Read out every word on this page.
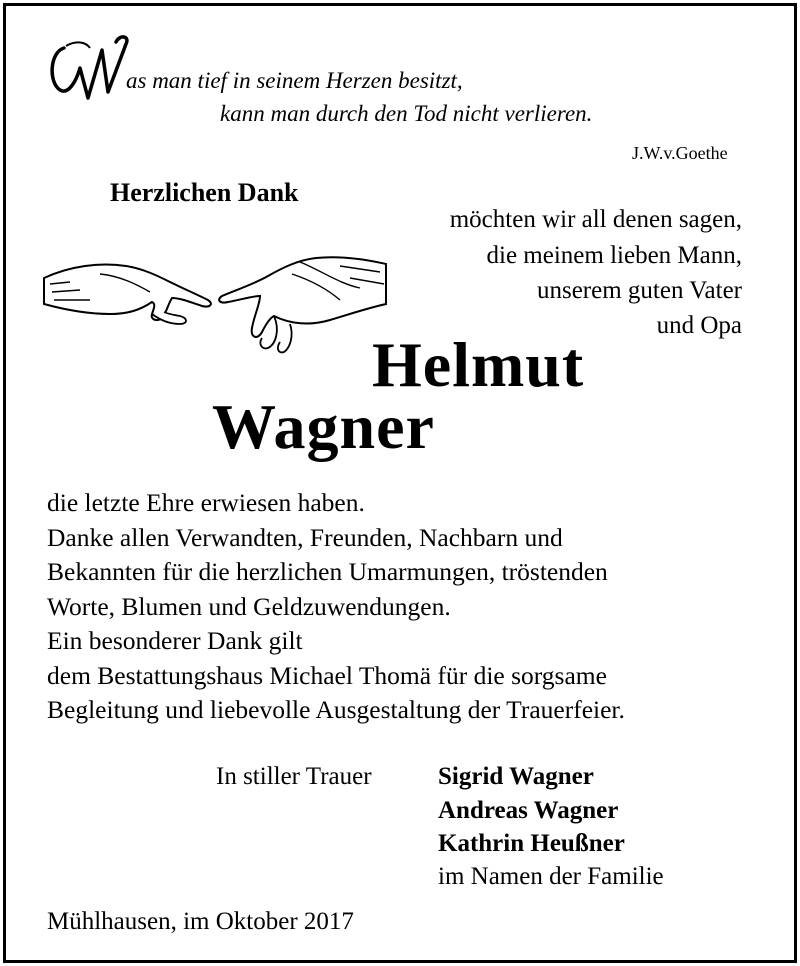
as man tief in seinem Herzen besitzt,
kann man durch den Tod nicht verlieren.
J.W.v.Goethe
Herzlichen Dank
möchten wir all denen sagen,
die meinem lieben Mann,
unserem guten Vater
und Opa
Helmut
Wagner
die letzte Ehre erwiesen haben.
Danke allen Verwandten, Freunden, Nachbarn und
Bekannten für die herzlichen Umarmungen, tröstenden
Worte, Blumen und Geldzuwendungen.
Ein besonderer Dank gilt
dem Bestattungshaus Michael Thomä für die sorgsame
Begleitung und liebevolle Ausgestaltung der Trauerfeier.
In stiller Trauer	Sigrid Wagner
Andreas Wagner
Kathrin Heußner
im Namen der Familie
Mühlhausen, im Oktober 2017
